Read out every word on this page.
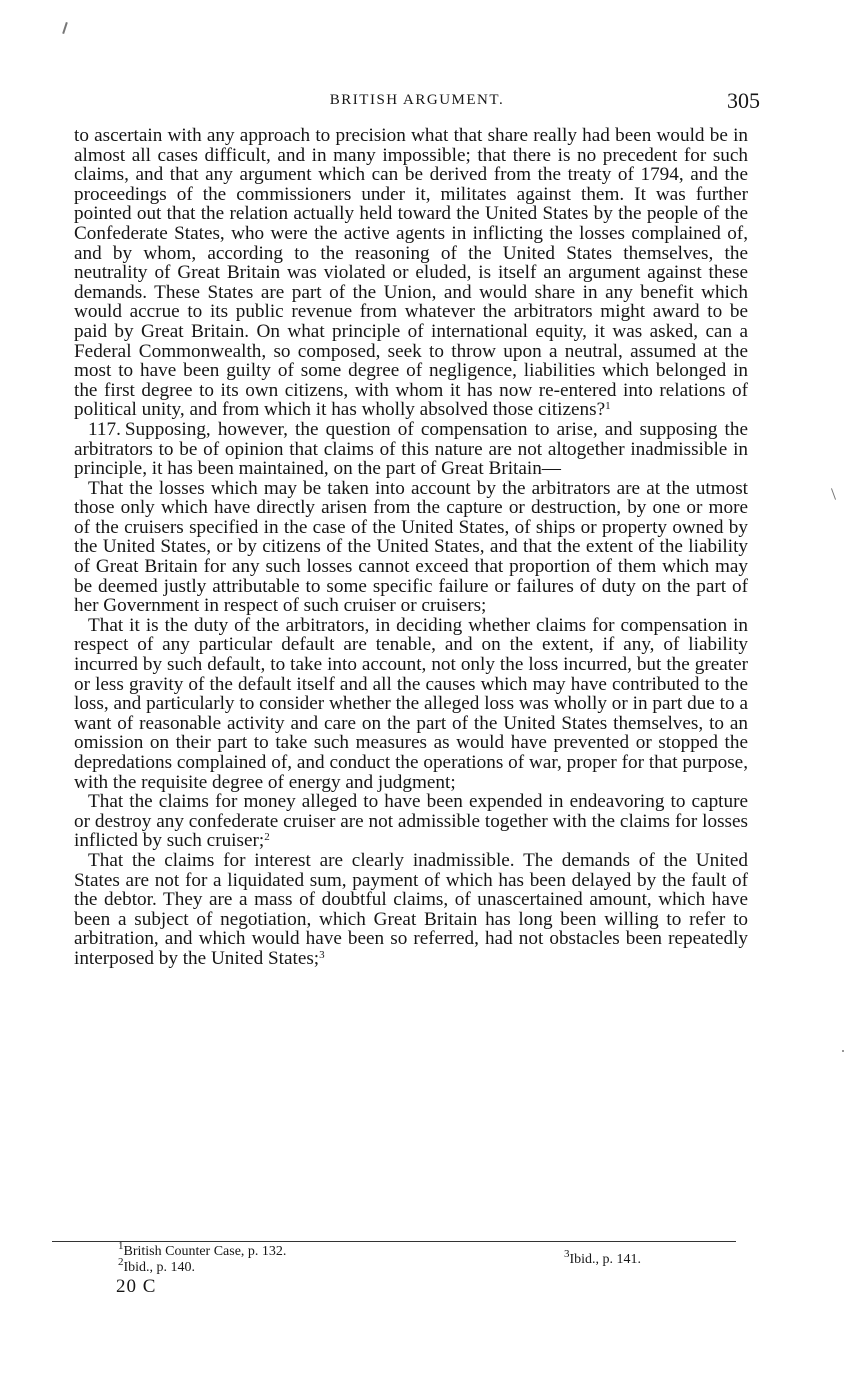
BRITISH ARGUMENT.	305

to ascertain with any approach to precision what that share really had been would be in almost all cases difficult, and in many impossible; that there is no precedent for such claims, and that any argument which can be derived from the treaty of 1794, and the proceedings of the commissioners under it, militates against them. It was further pointed out that the relation actually held toward the United States by the people of the Confederate States, who were the active agents in inflicting the losses complained of, and by whom, according to the reasoning of the United States themselves, the neutrality of Great Britain was violated or eluded, is itself an argument against these demands. These States are part of the Union, and would share in any benefit which would accrue to its public revenue from whatever the arbitrators might award to be paid by Great Britain. On what principle of international equity, it was asked, can a Federal Commonwealth, so composed, seek to throw upon a neutral, assumed at the most to have been guilty of some degree of negligence, liabilities which belonged in the first degree to its own citizens, with whom it has now re-entered into relations of political unity, and from which it has wholly absolved those citizens?$^1$

117. Supposing, however, the question of compensation to arise, and supposing the arbitrators to be of opinion that claims of this nature are not altogether inadmissible in principle, it has been maintained, on the part of Great Britain—

That the losses which may be taken into account by the arbitrators are at the utmost those only which have directly arisen from the capture or destruction, by one or more of the cruisers specified in the case of the United States, of ships or property owned by the United States, or by citizens of the United States, and that the extent of the liability of Great Britain for any such losses cannot exceed that proportion of them which may be deemed justly attributable to some specific failure or failures of duty on the part of her Government in respect of such cruiser or cruisers;

That it is the duty of the arbitrators, in deciding whether claims for compensation in respect of any particular default are tenable, and on the extent, if any, of liability incurred by such default, to take into account, not only the loss incurred, but the greater or less gravity of the default itself and all the causes which may have contributed to the loss, and particularly to consider whether the alleged loss was wholly or in part due to a want of reasonable activity and care on the part of the United States themselves, to an omission on their part to take such measures as would have prevented or stopped the depredations complained of, and conduct the operations of war, proper for that purpose, with the requisite degree of energy and judgment;

That the claims for money alleged to have been expended in endeavoring to capture or destroy any confederate cruiser are not admissible together with the claims for losses inflicted by such cruiser;$^2$

That the claims for interest are clearly inadmissible. The demands of the United States are not for a liquidated sum, payment of which has been delayed by the fault of the debtor. They are a mass of doubtful claims, of unascertained amount, which have been a subject of negotiation, which Great Britain has long been willing to refer to arbitration, and which would have been so referred, had not obstacles been repeatedly interposed by the United States;$^3$

$^1$British Counter Case, p. 132.
$^2$Ibid., p. 140.
$^3$Ibid., p. 141.
20 C
